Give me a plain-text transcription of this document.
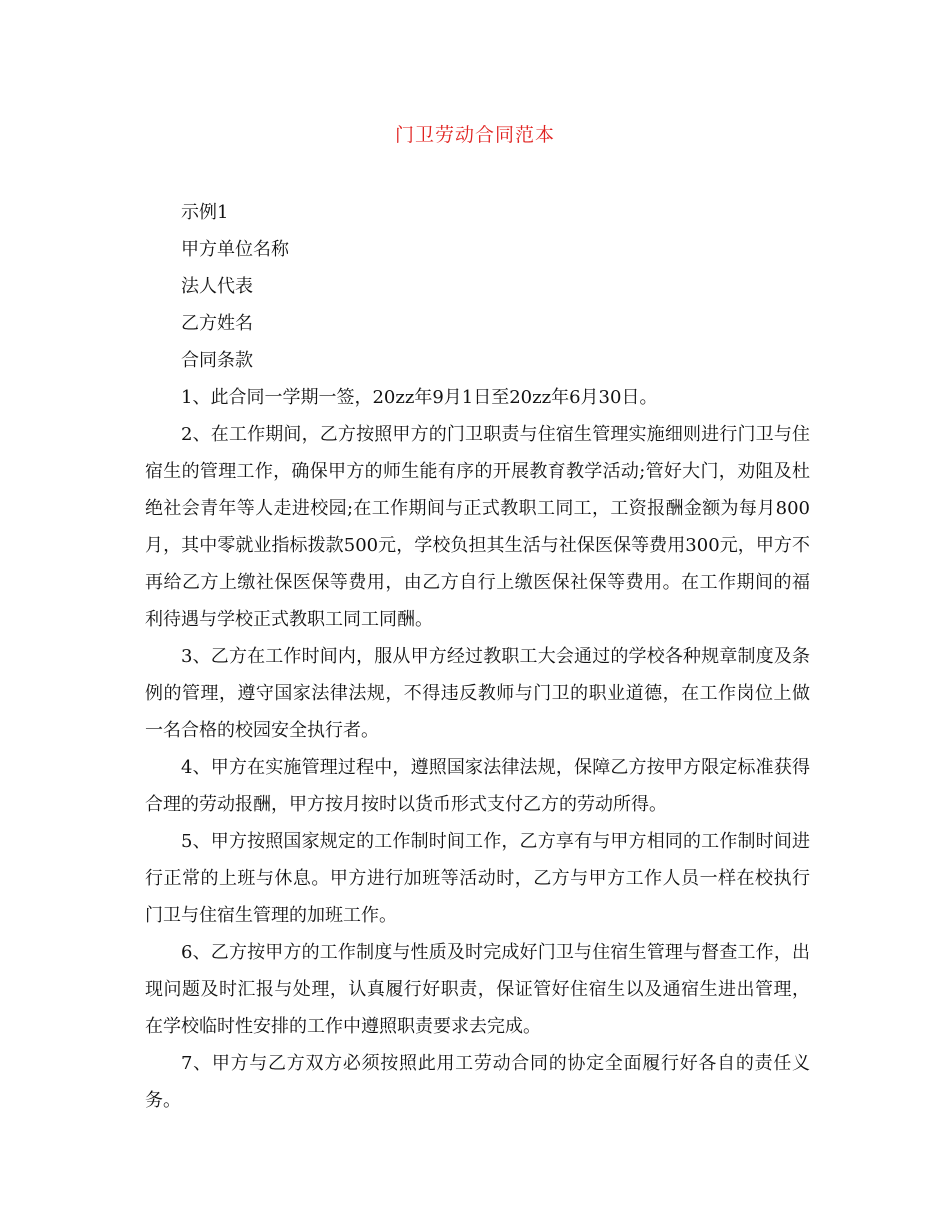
门卫劳动合同范本

示例1

甲方单位名称

法人代表

乙方姓名

合同条款

1、此合同一学期一签，20zz年9月1日至20zz年6月30日。

2、在工作期间，乙方按照甲方的门卫职责与住宿生管理实施细则进行门卫与住宿生的管理工作，确保甲方的师生能有序的开展教育教学活动;管好大门，劝阻及杜绝社会青年等人走进校园;在工作期间与正式教职工同工，工资报酬金额为每月800月，其中零就业指标拨款500元，学校负担其生活与社保医保等费用300元，甲方不再给乙方上缴社保医保等费用，由乙方自行上缴医保社保等费用。在工作期间的福利待遇与学校正式教职工同工同酬。

3、乙方在工作时间内，服从甲方经过教职工大会通过的学校各种规章制度及条例的管理，遵守国家法律法规，不得违反教师与门卫的职业道德，在工作岗位上做一名合格的校园安全执行者。

4、甲方在实施管理过程中，遵照国家法律法规，保障乙方按甲方限定标准获得合理的劳动报酬，甲方按月按时以货币形式支付乙方的劳动所得。

5、甲方按照国家规定的工作制时间工作，乙方享有与甲方相同的工作制时间进行正常的上班与休息。甲方进行加班等活动时，乙方与甲方工作人员一样在校执行门卫与住宿生管理的加班工作。

6、乙方按甲方的工作制度与性质及时完成好门卫与住宿生管理与督查工作，出现问题及时汇报与处理，认真履行好职责，保证管好住宿生以及通宿生进出管理，在学校临时性安排的工作中遵照职责要求去完成。

7、甲方与乙方双方必须按照此用工劳动合同的协定全面履行好各自的责任义务。
